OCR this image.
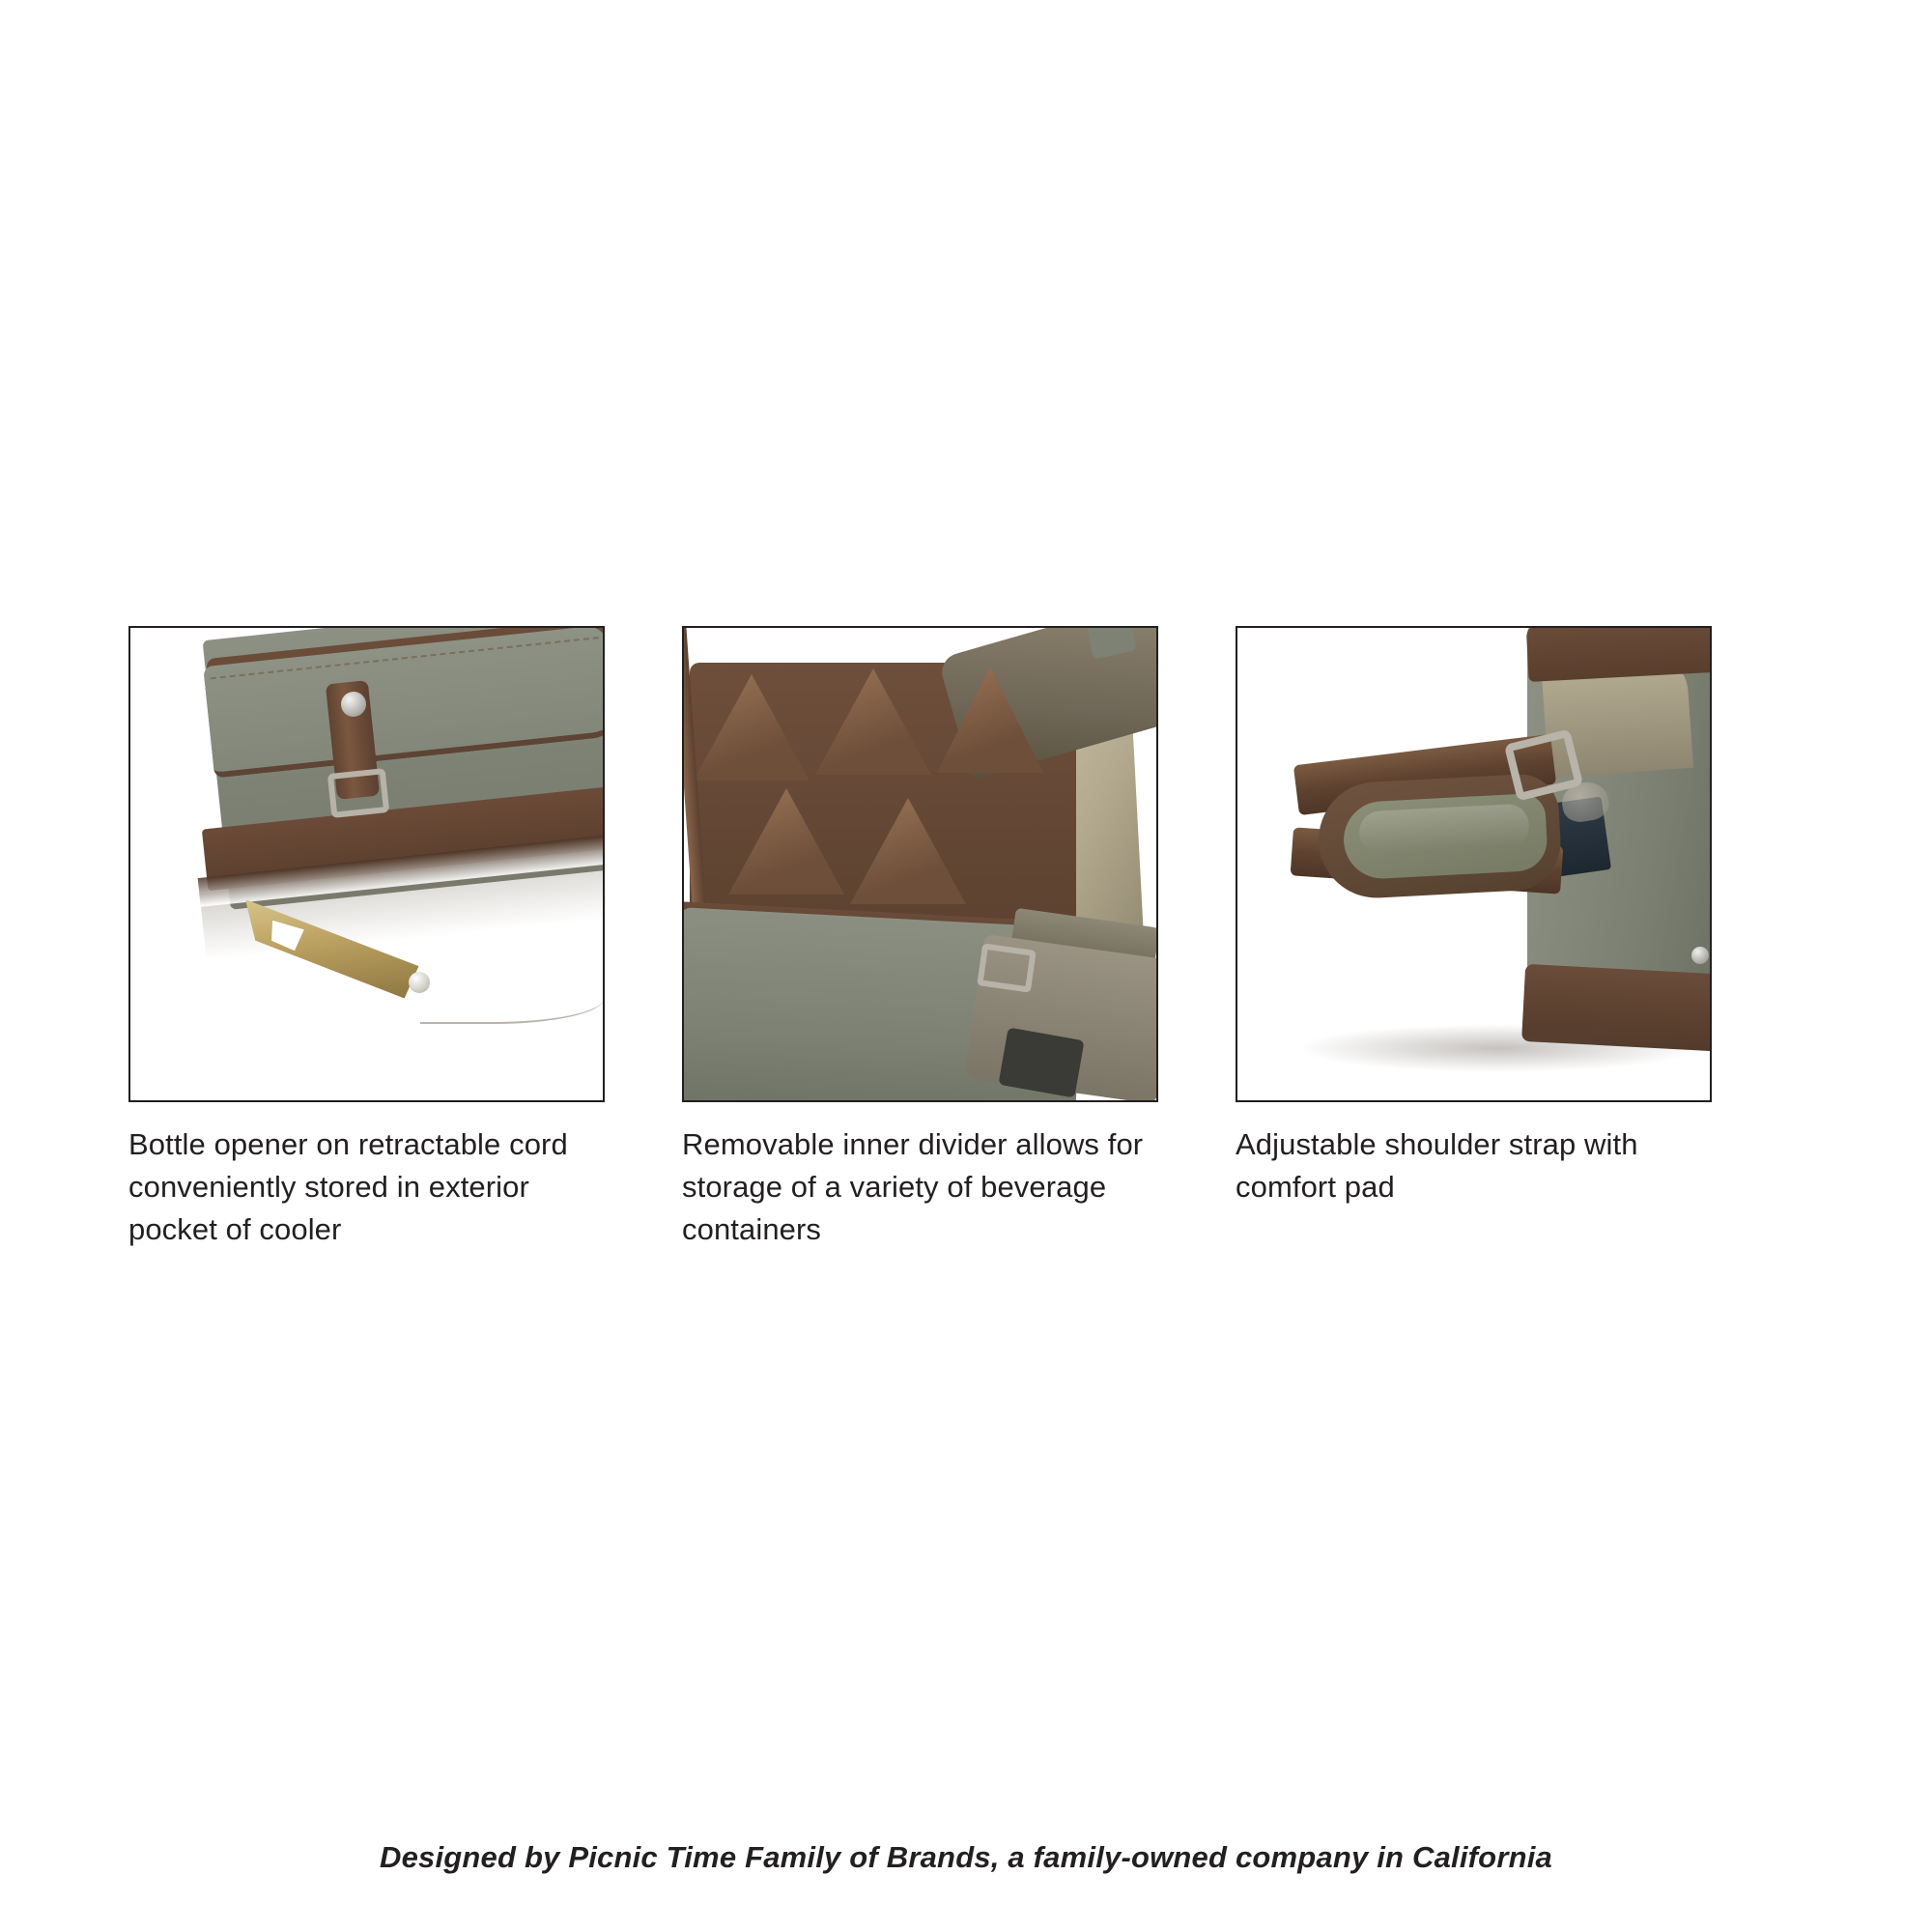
Bottle opener on retractable cord conveniently stored in exterior pocket of cooler
Removable inner divider allows for storage of a variety of beverage containers
Adjustable shoulder strap with comfort pad
Designed by Picnic Time Family of Brands, a family-owned company in California
